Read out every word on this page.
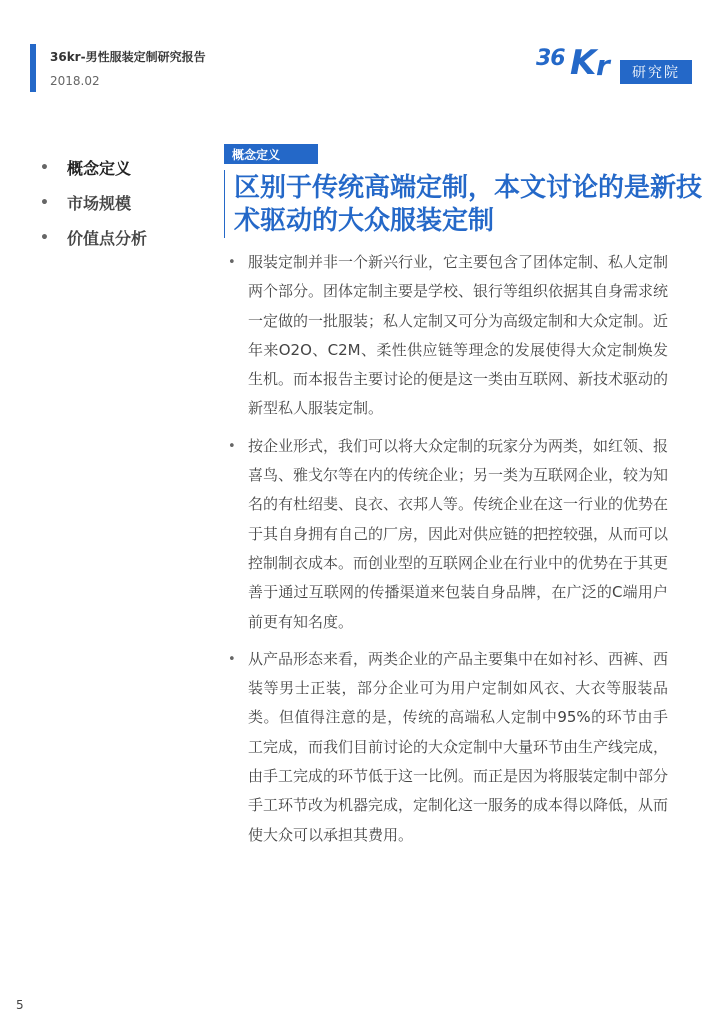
36kr-男性服装定制研究报告
2018.02
36 K r	研究院
•	概念定义
•	市场规模
•	价值点分析
概念定义
区别于传统高端定制，本文讨论的是新技术驱动的大众服装定制

• 服装定制并非一个新兴行业，它主要包含了团体定制、私人定制两个部分。团体定制主要是学校、银行等组织依据其自身需求统一定做的一批服装；私人定制又可分为高级定制和大众定制。近年来O2O、C2M、柔性供应链等理念的发展使得大众定制焕发生机。而本报告主要讨论的便是这一类由互联网、新技术驱动的新型私人服装定制。

• 按企业形式，我们可以将大众定制的玩家分为两类，如红领、报喜鸟、雅戈尔等在内的传统企业；另一类为互联网企业，较为知名的有杜绍斐、良衣、衣邦人等。传统企业在这一行业的优势在于其自身拥有自己的厂房，因此对供应链的把控较强，从而可以控制制衣成本。而创业型的互联网企业在行业中的优势在于其更善于通过互联网的传播渠道来包装自身品牌，在广泛的C端用户前更有知名度。

• 从产品形态来看，两类企业的产品主要集中在如衬衫、西裤、西装等男士正装，部分企业可为用户定制如风衣、大衣等服装品类。但值得注意的是，传统的高端私人定制中95%的环节由手工完成，而我们目前讨论的大众定制中大量环节由生产线完成，由手工完成的环节低于这一比例。而正是因为将服装定制中部分手工环节改为机器完成，定制化这一服务的成本得以降低，从而使大众可以承担其费用。

5
